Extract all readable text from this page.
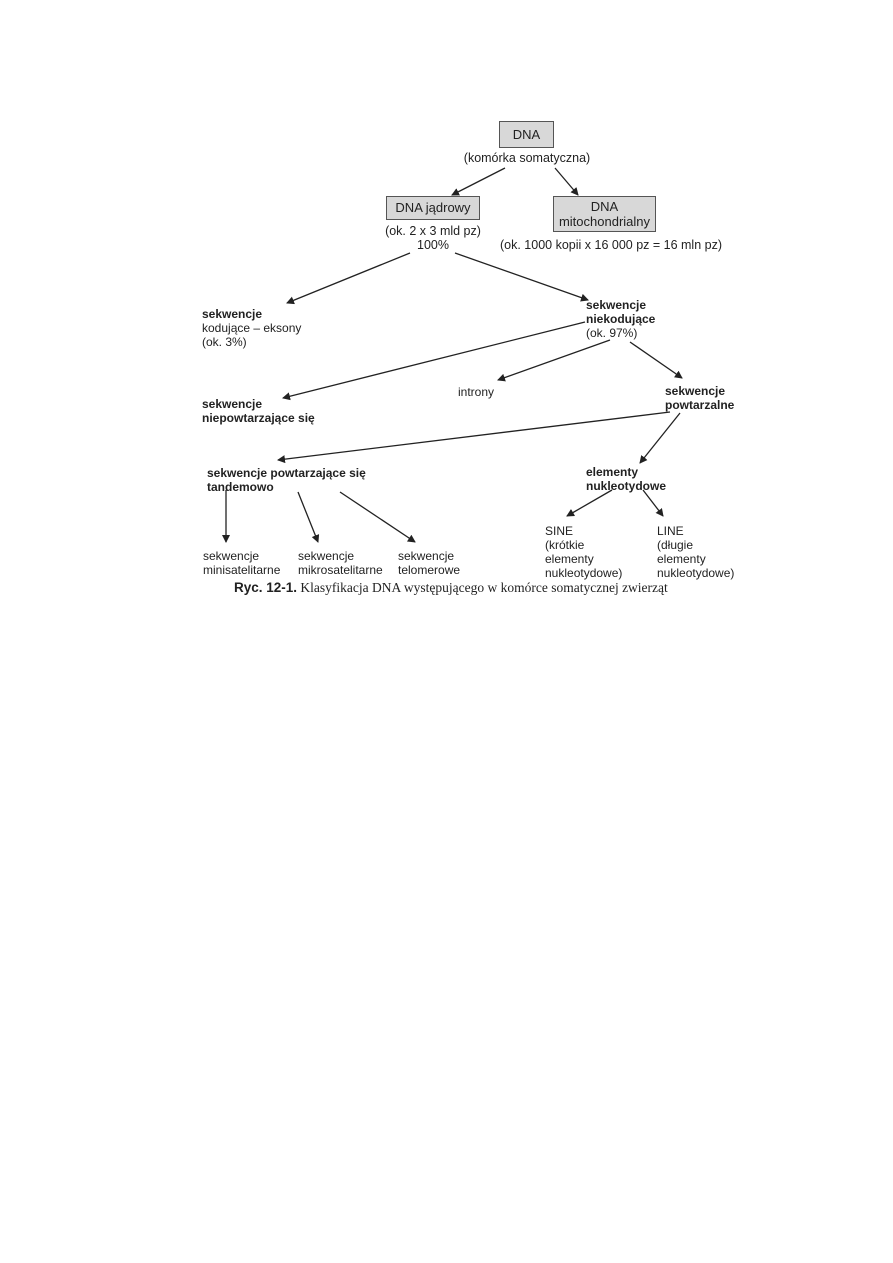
DNA
(komórka somatyczna)
DNA jądrowy
(ok. 2 x 3 mld pz)
100%
DNA
mitochondrialny
(ok. 1000 kopii x 16 000 pz = 16 mln pz)
sekwencje
kodujące – eksony
(ok. 3%)
sekwencje
niekodujące
(ok. 97%)
introny
sekwencje
niepowtarzające się
sekwencje
powtarzalne
sekwencje powtarzające się
tandemowo
elementy
nukleotydowe
sekwencje
minisatelitarne
sekwencje
mikrosatelitarne
sekwencje
telomerowe
SINE
(krótkie
elementy
nukleotydowe)
LINE
(długie
elementy
nukleotydowe)
Ryc. 12-1. Klasyfikacja DNA występującego w komórce somatycznej zwierząt
